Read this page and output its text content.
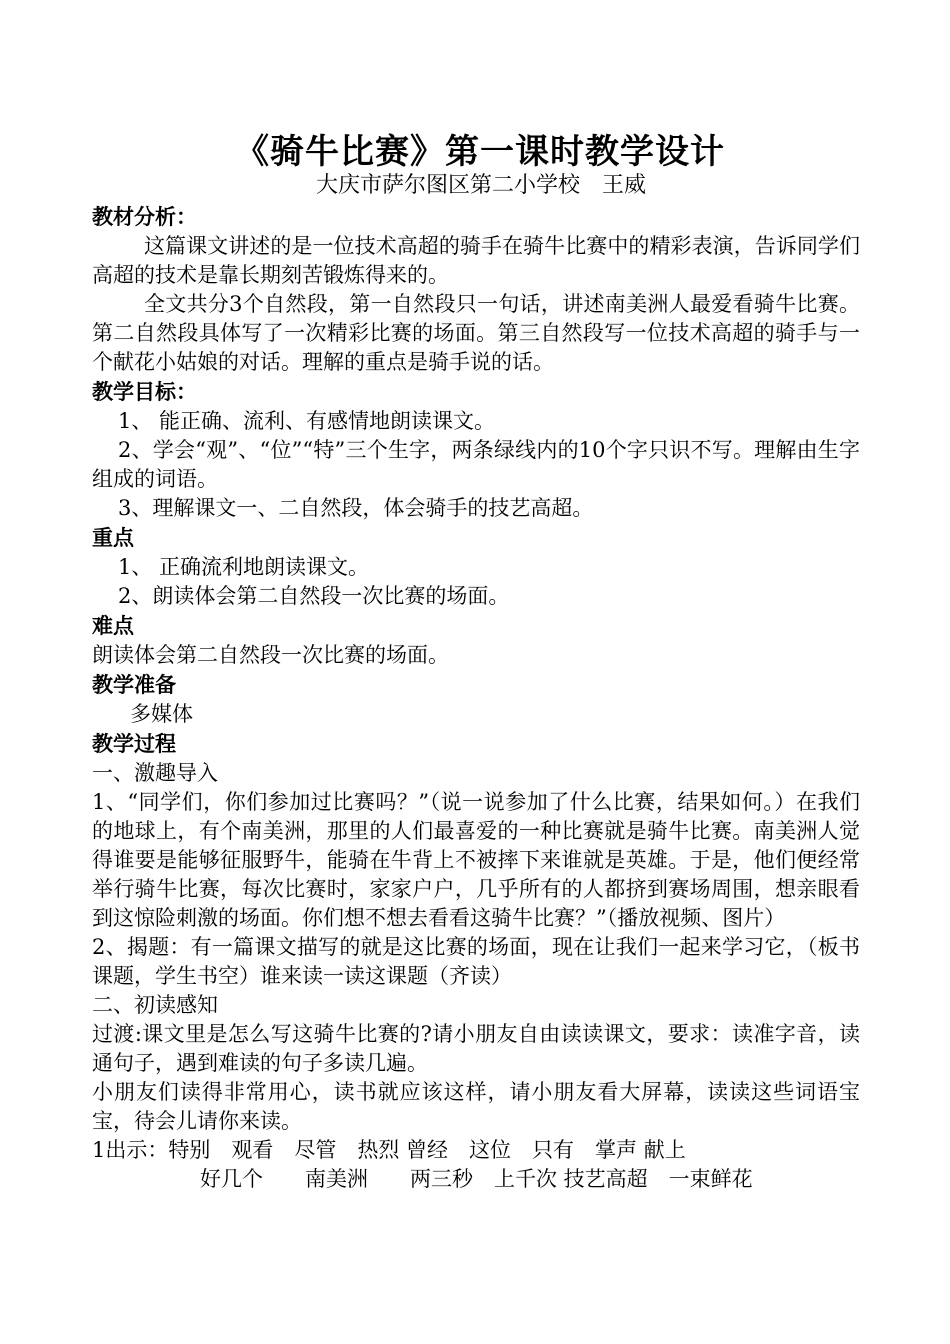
《骑牛比赛》第一课时教学设计

大庆市萨尔图区第二小学校　王威

教材分析：

这篇课文讲述的是一位技术高超的骑手在骑牛比赛中的精彩表演，告诉同学们高超的技术是靠长期刻苦锻炼得来的。

全文共分3个自然段，第一自然段只一句话，讲述南美洲人最爱看骑牛比赛。第二自然段具体写了一次精彩比赛的场面。第三自然段写一位技术高超的骑手与一个献花小姑娘的对话。理解的重点是骑手说的话。

教学目标：

1、 能正确、流利、有感情地朗读课文。

2、学会“观”、“位”“特”三个生字，两条绿线内的10个字只识不写。理解由生字组成的词语。

3、理解课文一、二自然段，体会骑手的技艺高超。

重点

1、 正确流利地朗读课文。

2、朗读体会第二自然段一次比赛的场面。

难点

朗读体会第二自然段一次比赛的场面。

教学准备

多媒体

教学过程

一、激趣导入

1、“同学们，你们参加过比赛吗？”（说一说参加了什么比赛，结果如何。）在我们的地球上，有个南美洲，那里的人们最喜爱的一种比赛就是骑牛比赛。南美洲人觉得谁要是能够征服野牛，能骑在牛背上不被摔下来谁就是英雄。于是，他们便经常举行骑牛比赛，每次比赛时，家家户户，几乎所有的人都挤到赛场周围，想亲眼看到这惊险刺激的场面。你们想不想去看看这骑牛比赛？”（播放视频、图片）

2、揭题：有一篇课文描写的就是这比赛的场面，现在让我们一起来学习它，（板书课题，学生书空）谁来读一读这课题（齐读）

二、初读感知

过渡:课文里是怎么写这骑牛比赛的?请小朋友自由读读课文，要求：读准字音，读通句子，遇到难读的句子多读几遍。

小朋友们读得非常用心，读书就应该这样，请小朋友看大屏幕，读读这些词语宝宝，待会儿请你来读。

1出示：特别　观看　尽管　热烈 曾经　这位　只有　掌声 献上

好几个　　南美洲　　两三秒　上千次 技艺高超　一束鲜花
